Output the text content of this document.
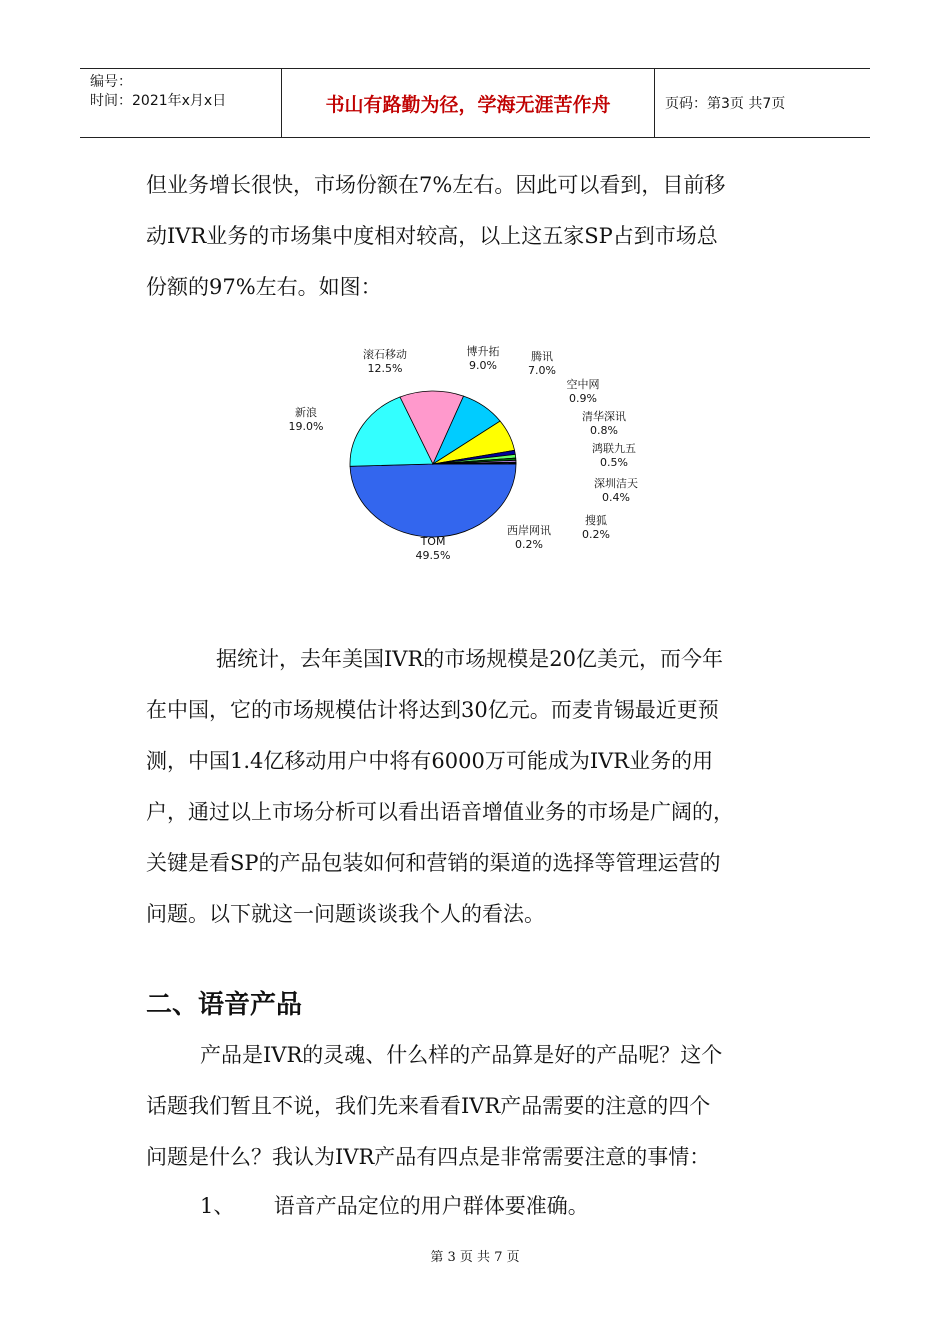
编号：
时间：2021年x月x日	书山有路勤为径，学海无涯苦作舟	页码：第3页 共7页
但业务增长很快，市场份额在7%左右。因此可以看到，目前移
动IVR业务的市场集中度相对较高，以上这五家SP占到市场总
份额的97%左右。如图：
TOM
49.5%
新浪
19.0%
滚石移动
12.5%
博升拓
9.0%
腾讯
7.0%
空中网
0.9%
清华深讯
0.8%
鸿联九五
0.5%
深圳洁天
0.4%
搜狐
0.2%
西岸网讯
0.2%
据统计，去年美国IVR的市场规模是20亿美元，而今年
在中国，它的市场规模估计将达到30亿元。而麦肯锡最近更预
测，中国1.4亿移动用户中将有6000万可能成为IVR业务的用
户，通过以上市场分析可以看出语音增值业务的市场是广阔的，
关键是看SP的产品包装如何和营销的渠道的选择等管理运营的
问题。以下就这一问题谈谈我个人的看法。
二、语音产品
产品是IVR的灵魂、什么样的产品算是好的产品呢？这个
话题我们暂且不说，我们先来看看IVR产品需要的注意的四个
问题是什么？我认为IVR产品有四点是非常需要注意的事情：
1、 语音产品定位的用户群体要准确。
第 3 页 共 7 页
